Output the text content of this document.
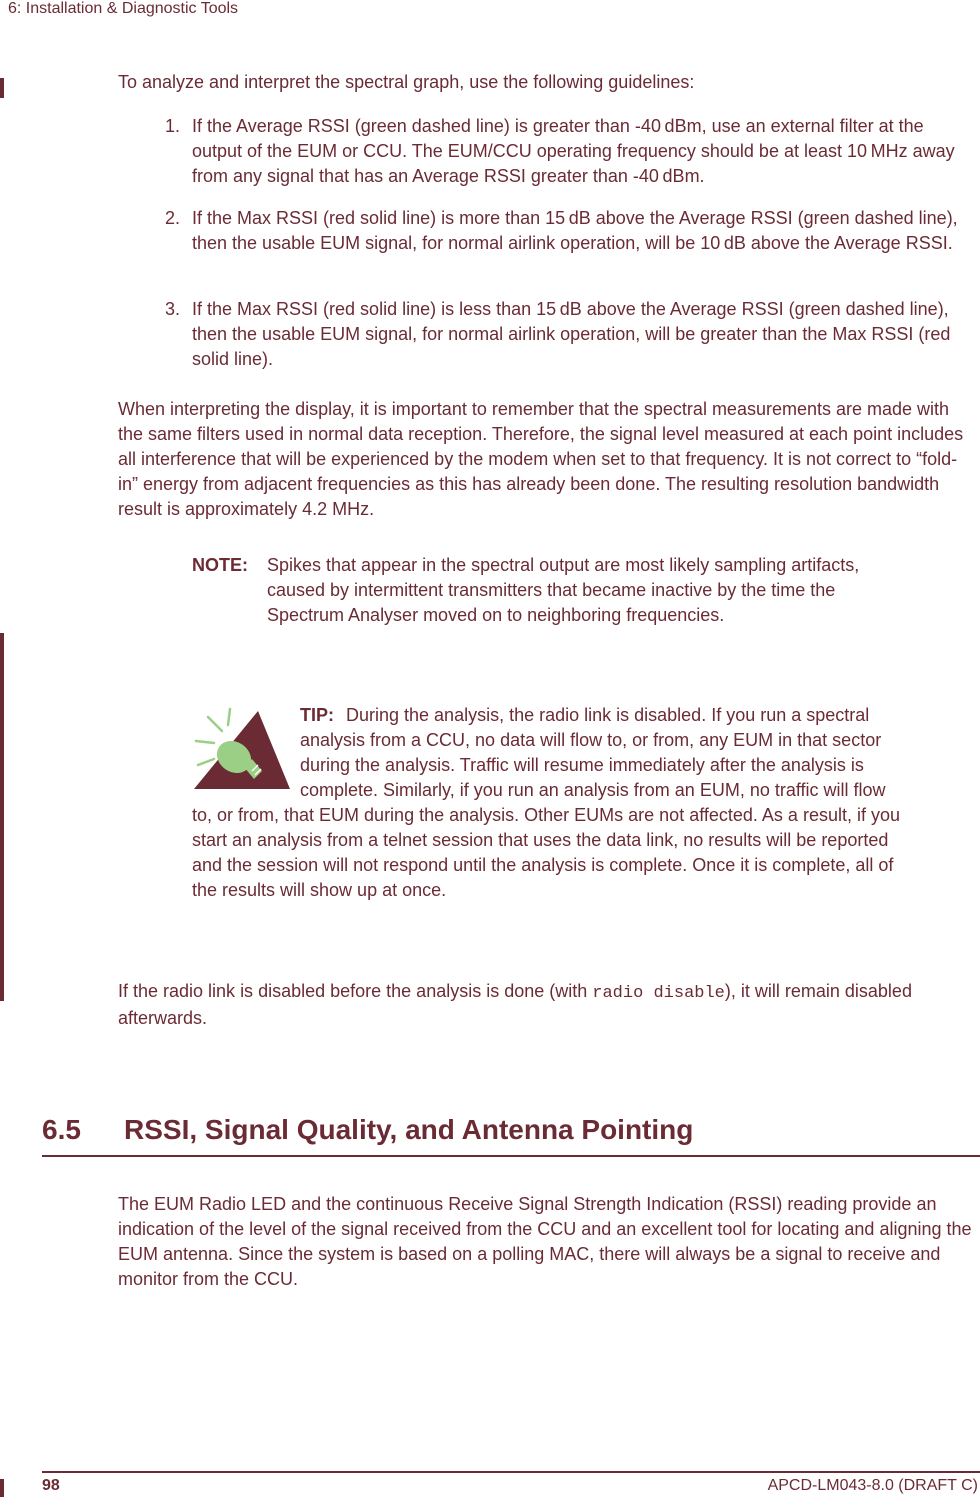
6: Installation & Diagnostic Tools

To analyze and interpret the spectral graph, use the following guidelines:

1. If the Average RSSI (green dashed line) is greater than -40 dBm, use an external filter at the output of the EUM or CCU. The EUM/CCU operating frequency should be at least 10 MHz away from any signal that has an Average RSSI greater than -40 dBm.
2. If the Max RSSI (red solid line) is more than 15 dB above the Average RSSI (green dashed line), then the usable EUM signal, for normal airlink operation, will be 10 dB above the Average RSSI.
3. If the Max RSSI (red solid line) is less than 15 dB above the Average RSSI (green dashed line), then the usable EUM signal, for normal airlink operation, will be greater than the Max RSSI (red solid line).

When interpreting the display, it is important to remember that the spectral measurements are made with the same filters used in normal data reception. Therefore, the signal level measured at each point includes all interference that will be experienced by the modem when set to that frequency. It is not correct to “fold-in” energy from adjacent frequencies as this has already been done. The resulting resolution bandwidth result is approximately 4.2 MHz.

NOTE: Spikes that appear in the spectral output are most likely sampling artifacts, caused by intermittent transmitters that became inactive by the time the Spectrum Analyser moved on to neighboring frequencies.
TIP: During the analysis, the radio link is disabled. If you run a spectral analysis from a CCU, no data will flow to, or from, any EUM in that sector during the analysis. Traffic will resume immediately after the analysis is complete. Similarly, if you run an analysis from an EUM, no traffic will flow to, or from, that EUM during the analysis. Other EUMs are not affected. As a result, if you start an analysis from a telnet session that uses the data link, no results will be reported and the session will not respond until the analysis is complete. Once it is complete, all of the results will show up at once.

If the radio link is disabled before the analysis is done (with radio disable), it will remain disabled afterwards.

6.5 RSSI, Signal Quality, and Antenna Pointing

The EUM Radio LED and the continuous Receive Signal Strength Indication (RSSI) reading provide an indication of the level of the signal received from the CCU and an excellent tool for locating and aligning the EUM antenna. Since the system is based on a polling MAC, there will always be a signal to receive and monitor from the CCU.

98	APCD-LM043-8.0 (DRAFT C)
